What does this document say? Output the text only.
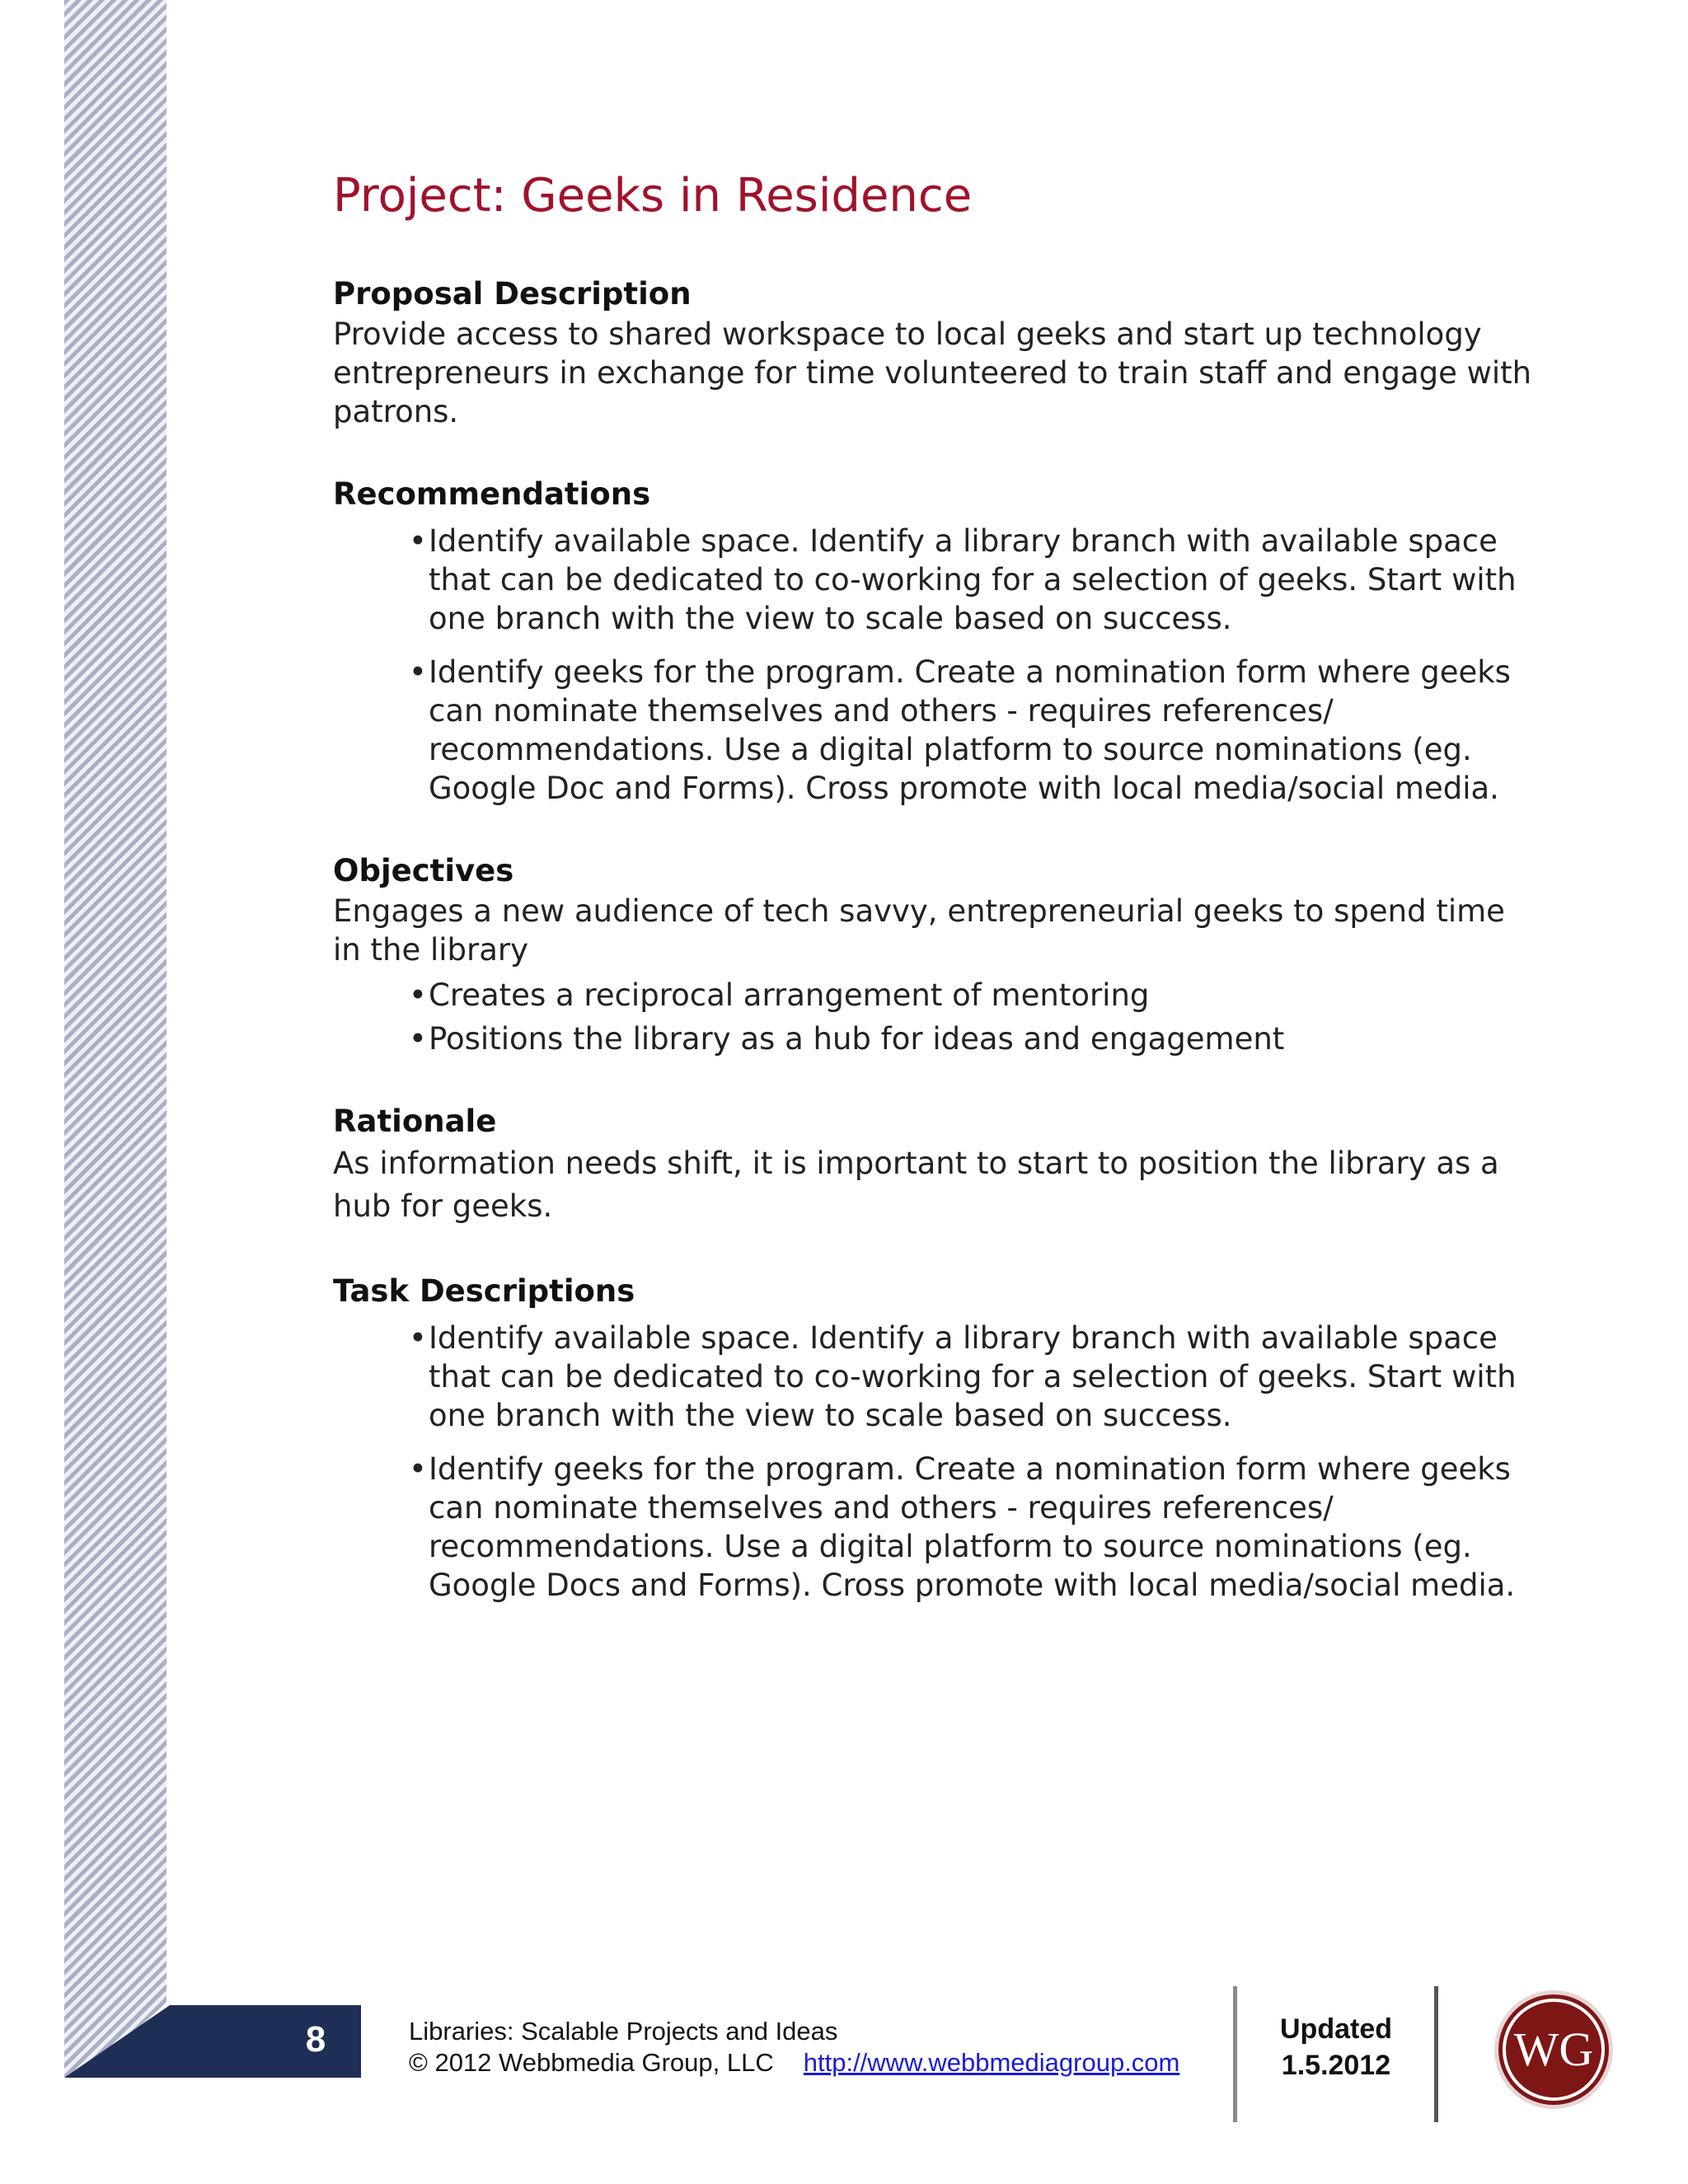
8
Project: Geeks in Residence
Proposal Description

Provide access to shared workspace to local geeks and start up technology entrepreneurs in exchange for time volunteered to train staff and engage with patrons.

Recommendations
• Identify available space. Identify a library branch with available space that can be dedicated to co-working for a selection of geeks. Start with one branch with the view to scale based on success.
• Identify geeks for the program. Create a nomination form where geeks can nominate themselves and others - requires references/ recommendations. Use a digital platform to source nominations (eg. Google Doc and Forms). Cross promote with local media/social media.
Objectives

Engages a new audience of tech savvy, entrepreneurial geeks to spend time in the library

• Creates a reciprocal arrangement of mentoring
• Positions the library as a hub for ideas and engagement
Rationale

As information needs shift, it is important to start to position the library as a hub for geeks.

Task Descriptions
• Identify available space. Identify a library branch with available space that can be dedicated to co-working for a selection of geeks. Start with one branch with the view to scale based on success.
• Identify geeks for the program. Create a nomination form where geeks can nominate themselves and others - requires references/ recommendations. Use a digital platform to source nominations (eg. Google Docs and Forms). Cross promote with local media/social media.
Libraries: Scalable Projects and Ideas
© 2012 Webbmedia Group, LLC http://www.webbmediagroup.com
Updated
1.5.2012	WG
